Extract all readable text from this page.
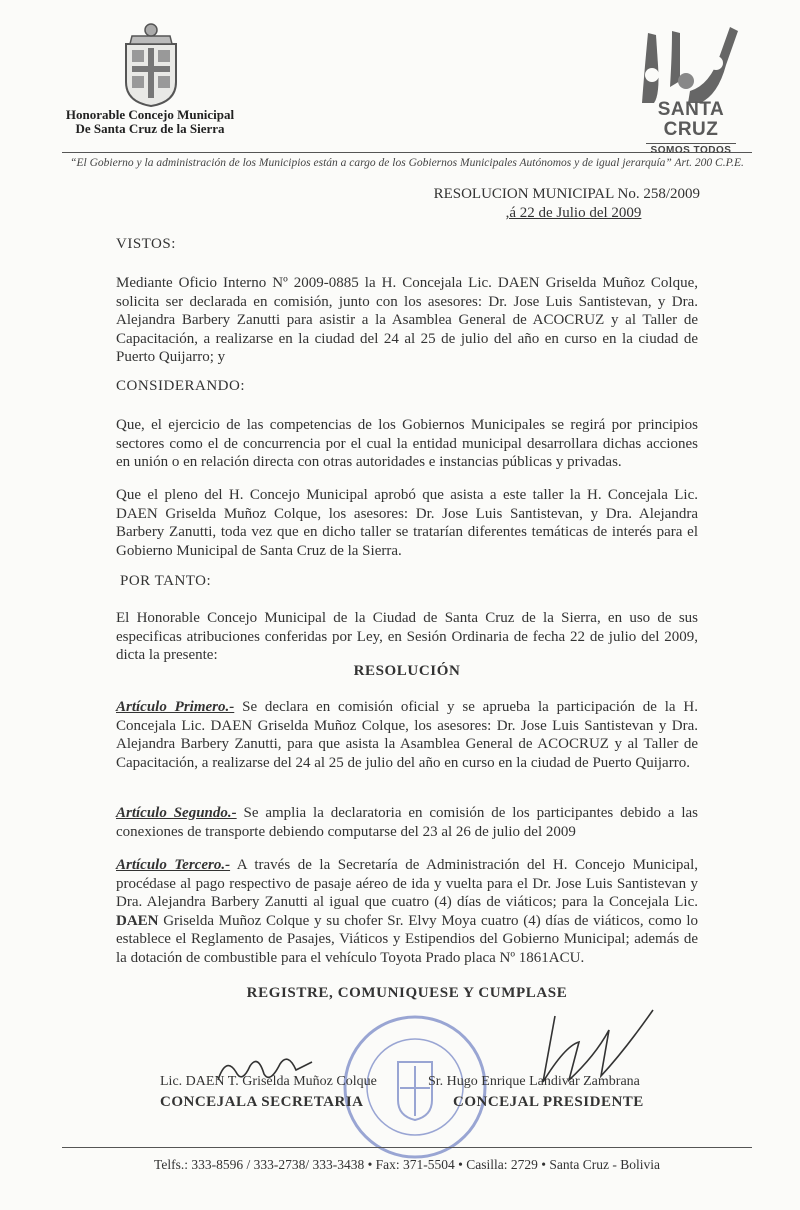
Honorable Concejo Municipal
De Santa Cruz de la Sierra
SANTA CRUZ
SOMOS TODOS
“El Gobierno y la administración de los Municipios están a cargo de los Gobiernos Municipales Autónomos y de igual jerarquía” Art. 200 C.P.E.
RESOLUCION MUNICIPAL No. 258/2009
,á 22 de Julio del 2009
VISTOS:
Mediante Oficio Interno Nº 2009-0885 la H. Concejala Lic. DAEN Griselda Muñoz Colque, solicita ser declarada en comisión, junto con los asesores: Dr. Jose Luis Santistevan, y Dra. Alejandra Barbery Zanutti para asistir a la Asamblea General de ACOCRUZ y al Taller de Capacitación, a realizarse en la ciudad del 24 al 25 de julio del año en curso en la ciudad de Puerto Quijarro; y
CONSIDERANDO:
Que, el ejercicio de las competencias de los Gobiernos Municipales se regirá por principios sectores como el de concurrencia por el cual la entidad municipal desarrollara dichas acciones en unión o en relación directa con otras autoridades e instancias públicas y privadas.
Que el pleno del H. Concejo Municipal aprobó que asista a este taller la H. Concejala Lic. DAEN Griselda Muñoz Colque, los asesores: Dr. Jose Luis Santistevan, y Dra. Alejandra Barbery Zanutti, toda vez que en dicho taller se tratarían diferentes temáticas de interés para el Gobierno Municipal de Santa Cruz de la Sierra.
POR TANTO:
El Honorable Concejo Municipal de la Ciudad de Santa Cruz de la Sierra, en uso de sus especificas atribuciones conferidas por Ley, en Sesión Ordinaria de fecha 22 de julio del 2009, dicta la presente:
RESOLUCIÓN
Artículo Primero.- Se declara en comisión oficial y se aprueba la participación de la H. Concejala Lic. DAEN Griselda Muñoz Colque, los asesores: Dr. Jose Luis Santistevan y Dra. Alejandra Barbery Zanutti, para que asista la Asamblea General de ACOCRUZ y al Taller de Capacitación, a realizarse del 24 al 25 de julio del año en curso en la ciudad de Puerto Quijarro.
Artículo Segundo.- Se amplia la declaratoria en comisión de los participantes debido a las conexiones de transporte debiendo computarse del 23 al 26 de julio del 2009
Artículo Tercero.- A través de la Secretaría de Administración del H. Concejo Municipal, procédase al pago respectivo de pasaje aéreo de ida y vuelta para el Dr. Jose Luis Santistevan y Dra. Alejandra Barbery Zanutti al igual que cuatro (4) días de viáticos; para la Concejala Lic. DAEN Griselda Muñoz Colque y su chofer Sr. Elvy Moya cuatro (4) días de viáticos, como lo establece el Reglamento de Pasajes, Viáticos y Estipendios del Gobierno Municipal; además de la dotación de combustible para el vehículo Toyota Prado placa Nº 1861ACU.
REGISTRE, COMUNIQUESE Y CUMPLASE
Lic. DAEN T. Griselda Muñoz Colque	Sr. Hugo Enrique Landivar Zambrana
CONCEJALA SECRETARIA	CONCEJAL PRESIDENTE
Telfs.: 333-8596 / 333-2738/ 333-3438 • Fax: 371-5504 • Casilla: 2729 • Santa Cruz - Bolivia
